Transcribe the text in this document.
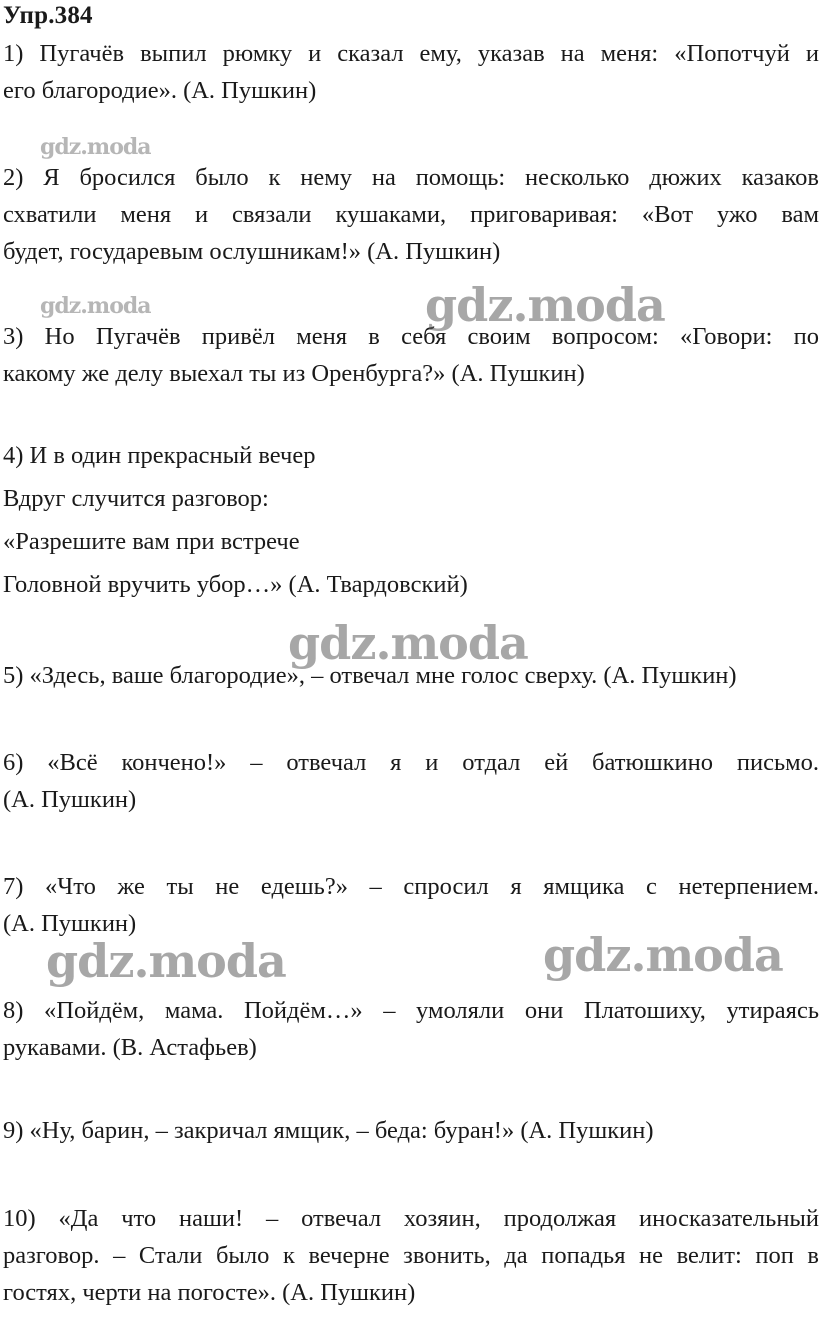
Упр.384
1) Пугачёв выпил рюмку и сказал ему, указав на меня: «Попотчуй и
его благородие». (А. Пушкин)
2) Я бросился было к нему на помощь: несколько дюжих казаков
схватили меня и связали кушаками, приговаривая: «Вот ужо вам
будет, государевым ослушникам!» (А. Пушкин)
3) Но Пугачёв привёл меня в себя своим вопросом: «Говори: по
какому же делу выехал ты из Оренбурга?» (А. Пушкин)
4) И в один прекрасный вечер
Вдруг случится разговор:
«Разрешите вам при встрече
Головной вручить убор…» (А. Твардовский)
5) «Здесь, ваше благородие», – отвечал мне голос сверху. (А. Пушкин)
6) «Всё кончено!» – отвечал я и отдал ей батюшкино письмо.
(А. Пушкин)
7) «Что же ты не едешь?» – спросил я ямщика с нетерпением.
(А. Пушкин)
8) «Пойдём, мама. Пойдём…» – умоляли они Платошиху, утираясь
рукавами. (В. Астафьев)
9) «Ну, барин, – закричал ямщик, – беда: буран!» (А. Пушкин)
10) «Да что наши! – отвечал хозяин, продолжая иносказательный
разговор. – Стали было к вечерне звонить, да попадья не велит: поп в
гостях, черти на погосте». (А. Пушкин)
gdz.moda
gdz.moda	gdz.moda
gdz.moda
gdz.moda	gdz.moda
